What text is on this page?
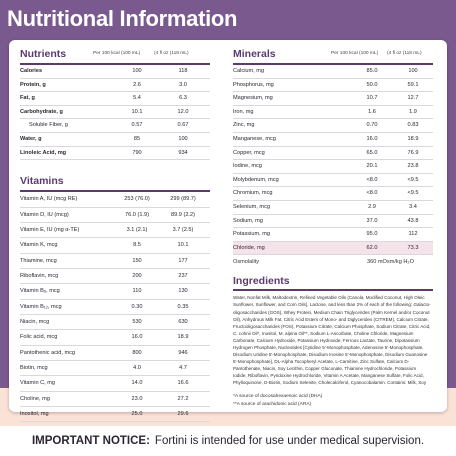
Nutritional Information
Nutrients	Per 100 kcal (100 mL)	(4 fl oz (118 mL)
Calories	100	118
Protein, g	2.6	3.0
Fat, g	5.4	6.3
Carbohydrate, g	10.1	12.0
Soluble Fiber, g	0.57	0.67
Water, g	85	100
Linoleic Acid, mg	790	934
Vitamins
Vitamin A, IU (mcg RE)	253 (76.0)	299 (89.7)
Vitamin D, IU (mcg)	76.0 (1.9)	89.9 (2.2)
Vitamin E, IU (mg α-TE)	3.1 (2.1)	3.7 (2.5)
Vitamin K, mcg	8.5	10.1
Thiamine, mcg	150	177
Riboflavin, mcg	200	237
Vitamin B₆, mcg	110	130
Vitamin B₁₂, mcg	0.30	0.35
Niacin, mcg	530	630
Folic acid, mcg	16.0	18.9
Pantothenic acid, mcg	800	946
Biotin, mcg	4.0	4.7
Vitamin C, mg	14.0	16.6
Choline, mg	23.0	27.2
Inositol, mg	25.0	29.6
Minerals	Per 100 kcal (100 mL) (4 fl oz (118 mL)
Calcium, mg	85.0	100
Phosphorus, mg	50.0	59.1
Magnesium, mg	10.7	12.7
Iron, mg	1.6	1.9
Zinc, mg	0.70	0.83
Manganese, mcg	16.0	18.9
Copper, mcg	65.0	76.9
Iodine, mcg	20.1	23.8
Molybdenum, mcg	<8.0	<9.5
Chromium, mcg	<8.0	<9.5
Selenium, mcg	2.9	3.4
Sodium, mg	37.0	43.8
Potassium, mg	95.0	112
Chloride, mg	62.0	73.3
Osmolality	360 mOsm/kg H₂O
Ingredients
Water, Nonfat Milk, Maltodextrin, Refined Vegetable Oils (Canola, Modified Coconut, High Oleic Sunflower, Sunflower, and Corn Oils), Lactose, and less than 2% of each of the following: Galacto-oligosaccharides (GOS), Whey Protein, Medium Chain Triglycerides (Palm Kernel and/or Coconut Oil), Anhydrous Milk Fat, Citric Acid Esters of Mono- and Diglycerides (CITREM), Calcium Citrate, Fructooligosaccharides (FOS), Potassium Citrate, Calcium Phosphate, Sodium Citrate, Citric Acid, C. cohnii Oil*, Inositol, M. alpina Oil**, Sodium L-Ascorbate, Choline Chloride, Magnesium Carbonate, Calcium Hydroxide, Potassium Hydroxide, Ferrous Lactate, Taurine, Dipotassium Hydrogen Phosphate, Nucleotides [Cytidine 5'-Monophosphate, Adenosine 5'-Monophosphate, Disodium Uridine 5'-Monophosphate, Disodium Inosine 5'-Monophosphate, Disodium Guanosine 5'-Monophosphate], DL-Alpha Tocopheryl Acetate, L-Carnitine, Zinc Sulfate, Calcium D-Pantothenate, Niacin, Soy Lecithin, Copper Gluconate, Thiamine Hydrochloride, Potassium Iodide, Riboflavin, Pyridoxine Hydrochloride, Vitamin A Acetate, Manganese Sulfate, Folic Acid, Phylloquinone, D-Biotin, Sodium Selenite, Cholecalciferol, Cyanocobalamin. Contains: Milk, Soy
*A source of docosahexaenoic acid (DHA)
**A source of arachidonic acid (ARA)
IMPORTANT NOTICE: Fortini is intended for use under medical supervision.
